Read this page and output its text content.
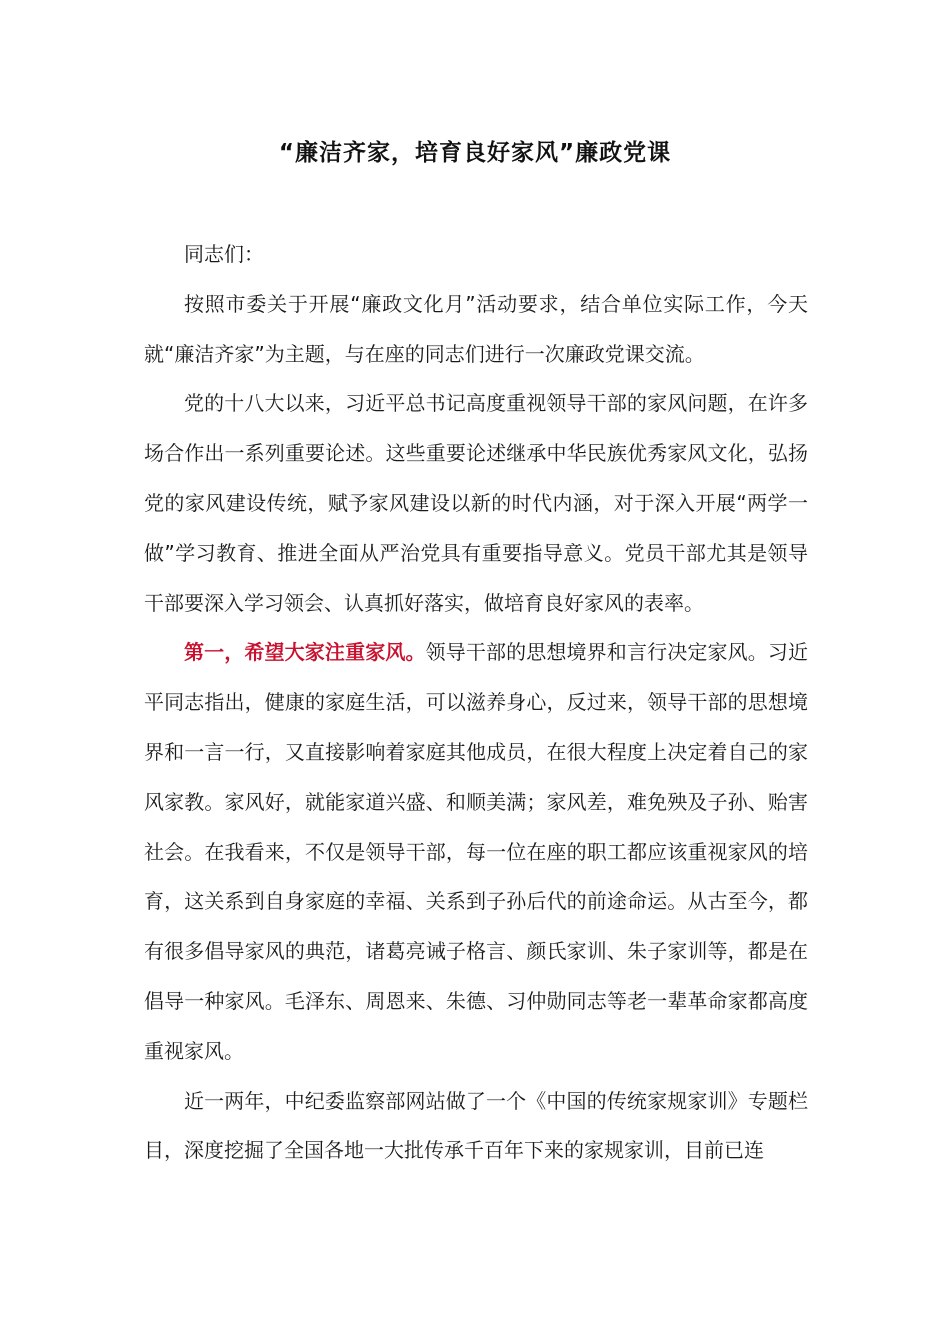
“廉洁齐家，培育良好家风”廉政党课

同志们：

按照市委关于开展“廉政文化月”活动要求，结合单位实际工作，今天就“廉洁齐家”为主题，与在座的同志们进行一次廉政党课交流。

党的十八大以来，习近平总书记高度重视领导干部的家风问题，在许多场合作出一系列重要论述。这些重要论述继承中华民族优秀家风文化，弘扬党的家风建设传统，赋予家风建设以新的时代内涵，对于深入开展“两学一做”学习教育、推进全面从严治党具有重要指导意义。党员干部尤其是领导干部要深入学习领会、认真抓好落实，做培育良好家风的表率。

第一，希望大家注重家风。领导干部的思想境界和言行决定家风。习近平同志指出，健康的家庭生活，可以滋养身心，反过来，领导干部的思想境界和一言一行，又直接影响着家庭其他成员，在很大程度上决定着自己的家风家教。家风好，就能家道兴盛、和顺美满；家风差，难免殃及子孙、贻害社会。在我看来，不仅是领导干部，每一位在座的职工都应该重视家风的培育，这关系到自身家庭的幸福、关系到子孙后代的前途命运。从古至今，都有很多倡导家风的典范，诸葛亮诫子格言、颜氏家训、朱子家训等，都是在倡导一种家风。毛泽东、周恩来、朱德、习仲勋同志等老一辈革命家都高度重视家风。

近一两年，中纪委监察部网站做了一个《中国的传统家规家训》专题栏目，深度挖掘了全国各地一大批传承千百年下来的家规家训，目前已连
